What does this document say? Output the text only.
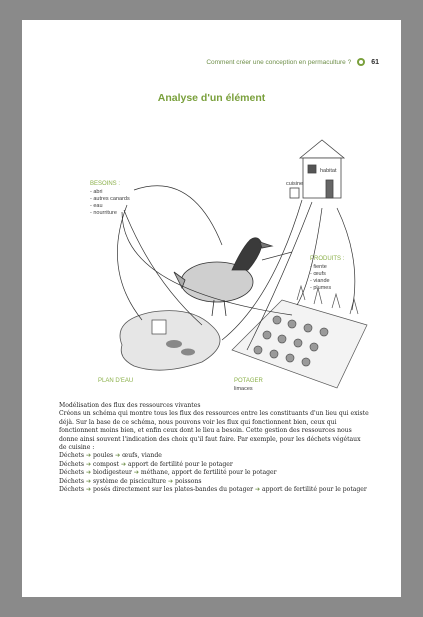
Comment créer une conception en permaculture ?	61
Analyse d'un élément
BESOINS :
- abri
- autres canards
- eau
- nourriture
habitat
cuisine
PRODUITS :
- fiente
- œufs
- viande
- plumes
PLAN D'EAU	POTAGER
limaces

Modélisation des flux des ressources vivantes

Créons un schéma qui montre tous les flux des ressources entre les constituants d'un lieu qui existe déjà. Sur la base de ce schéma, nous pouvons voir les flux qui fonctionnent bien, ceux qui fonctionnent moins bien, et enfin ceux dont le lieu a besoin. Cette gestion des ressources nous donne ainsi souvent l'indication des choix qu'il faut faire. Par exemple, pour les déchets végétaux de cuisine :

Déchets ➔ poules ➔ œufs, viande

Déchets ➔ compost ➔ apport de fertilité pour le potager

Déchets ➔ biodigesteur ➔ méthane, apport de fertilité pour le potager

Déchets ➔ système de pisciculture ➔ poissons

Déchets ➔ posés directement sur les plates-bandes du potager ➔ apport de fertilité pour le potager
